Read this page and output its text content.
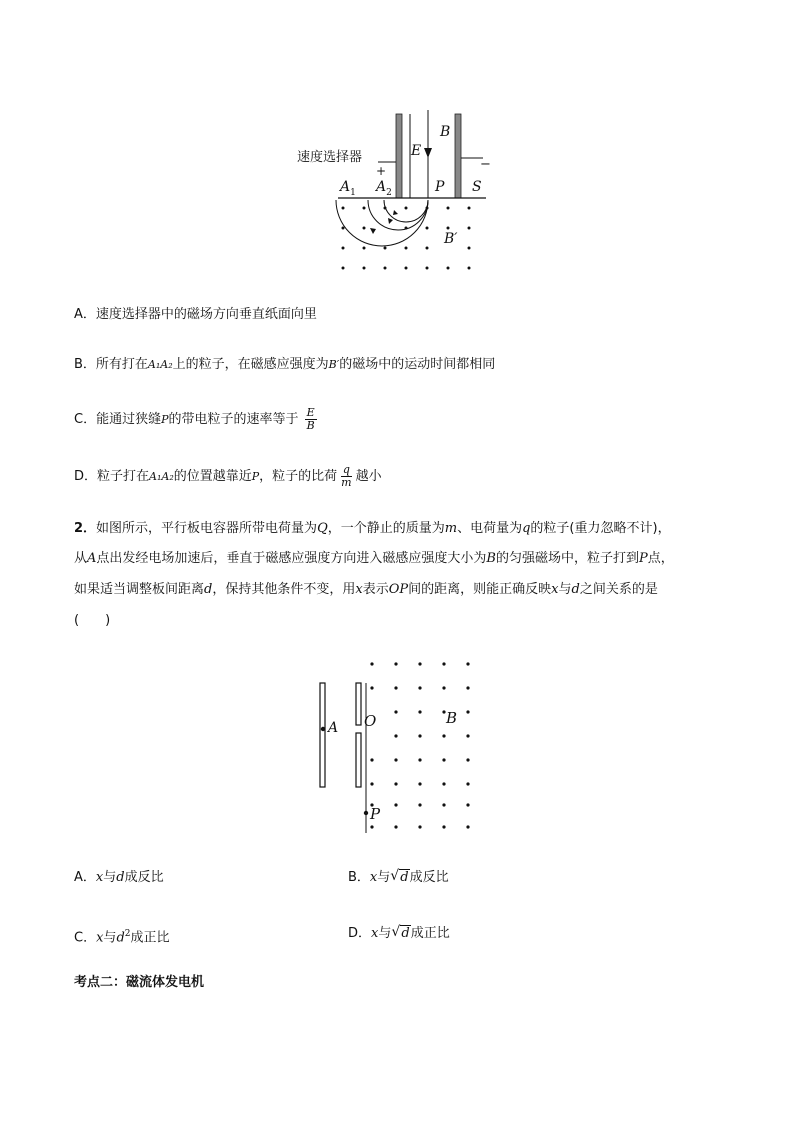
速度选择器
+	−
B
E
$A_1$ $A_2$	P S
B′
A．速度选择器中的磁场方向垂直纸面向里
B．所有打在A₁A₂上的粒子，在磁感应强度为B′的磁场中的运动时间都相同
C．能通过狭缝P的带电粒子的速率等于 $\frac{E}{B}$
D．粒子打在A₁A₂的位置越靠近P，粒子的比荷 $\frac{q}{m}$ 越小
2．如图所示，平行板电容器所带电荷量为Q，一个静止的质量为m、电荷量为q的粒子(重力忽略不计)，
从A点出发经电场加速后，垂直于磁感应强度方向进入磁感应强度大小为B的匀强磁场中，粒子打到P点，
如果适当调整板间距离d，保持其他条件不变，用x表示OP间的距离，则能正确反映x与d之间关系的是
(　　)
A O	B
P
A．x与d成反比	B．x与 √ d成反比
C．x与$d^2$成正比	D．x与 √ d成正比
考点二：磁流体发电机
